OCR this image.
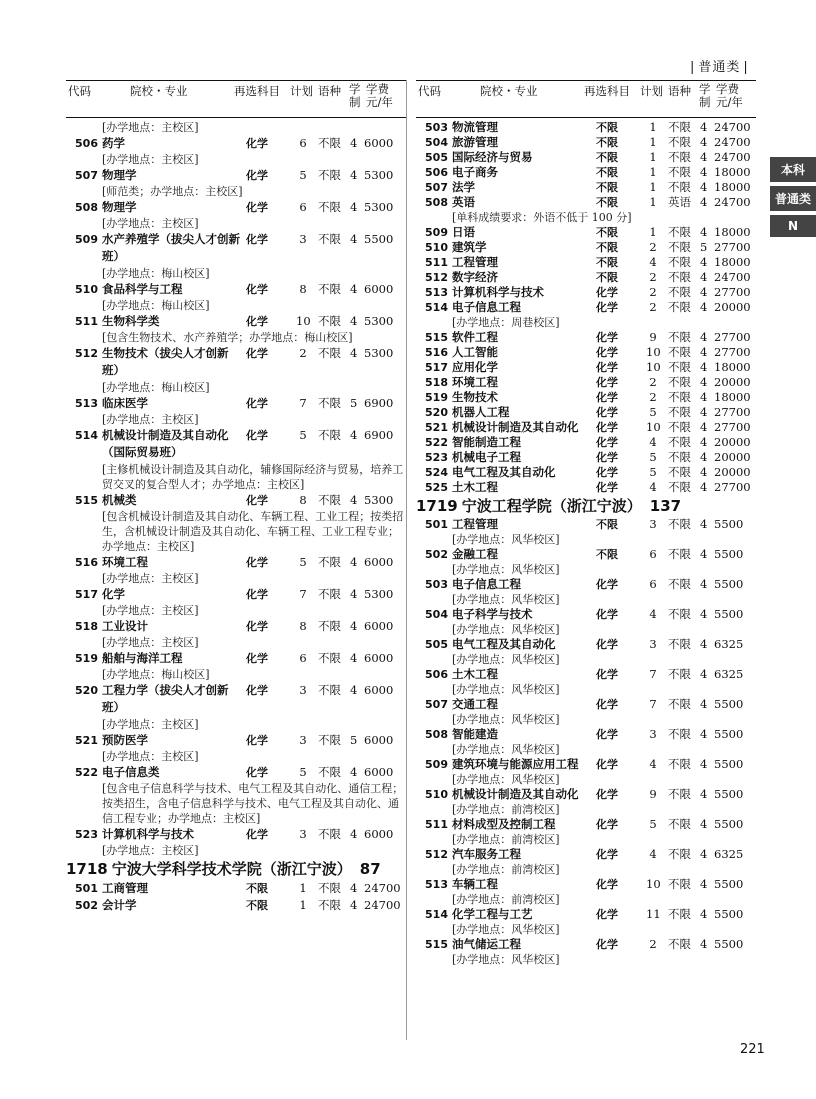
| 普通类 |
本科
普通类
N
代码	院校・专业	再选科目 计划 语种 学制
学费元/年
[办学地点：主校区]
506 药学	化学	6 不限 4 6000
[办学地点：主校区]
507 物理学	化学	5 不限 4 5300
[师范类；办学地点：主校区]
508 物理学	化学	6 不限 4 5300
[办学地点：主校区]
509 水产养殖学（拔尖人才创新班）
化学	3 不限 4 5500
[办学地点：梅山校区]
510 食品科学与工程	化学	8 不限 4 6000
[办学地点：梅山校区]
511 生物科学类	化学 10 不限 4 5300
[包含生物技术、水产养殖学；办学地点：梅山校区]
512 生物技术（拔尖人才创新班）
化学	2 不限 4 5300
[办学地点：梅山校区]
513 临床医学	化学	7 不限 5 6900
[办学地点：主校区]
514 机械设计制造及其自动化（国际贸易班）
化学	5 不限 4 6900
[主修机械设计制造及其自动化，辅修国际经济与贸易，培养工贸交叉的复合型人才；办学地点：主校区]
515 机械类	化学	8 不限 4 5300
[包含机械设计制造及其自动化、车辆工程、工业工程；按类招生，含机械设计制造及其自动化、车辆工程、工业工程专业；办学地点：主校区]
516 环境工程	化学	5 不限 4 6000
[办学地点：主校区]
517 化学	化学	7 不限 4 5300
[办学地点：主校区]
518 工业设计	化学	8 不限 4 6000
[办学地点：主校区]
519 船舶与海洋工程	化学	6 不限 4 6000
[办学地点：梅山校区]
520 工程力学（拔尖人才创新班）
化学	3 不限 4 6000
[办学地点：主校区]
521 预防医学	化学	3 不限 5 6000
[办学地点：主校区]
522 电子信息类	化学	5 不限 4 6000
[包含电子信息科学与技术、电气工程及其自动化、通信工程；按类招生，含电子信息科学与技术、电气工程及其自动化、通信工程专业；办学地点：主校区]
523 计算机科学与技术	化学	3 不限 4 6000
[办学地点：主校区]
1718 宁波大学科学技术学院（浙江宁波） 87
501 工商管理	不限	1 不限 4 24700
502 会计学	不限	1 不限 4 24700
代码	院校・专业	再选科目 计划 语种 学制
学费元/年
503 物流管理	不限	1 不限 4 24700
504 旅游管理	不限	1 不限 4 24700
505 国际经济与贸易	不限	1 不限 4 24700
506 电子商务	不限	1 不限 4 18000
507 法学	不限	1 不限 4 18000
508 英语	不限	1 英语 4 24700
[单科成绩要求：外语不低于 100 分]
509 日语	不限	1 不限 4 18000
510 建筑学	不限	2 不限 5 27700
511 工程管理	不限	4 不限 4 18000
512 数字经济	不限	2 不限 4 24700
513 计算机科学与技术	化学	2 不限 4 27700
514 电子信息工程	化学	2 不限 4 20000
[办学地点：周巷校区]
515 软件工程	化学	9 不限 4 27700
516 人工智能	化学 10 不限 4 27700
517 应用化学	化学 10 不限 4 18000
518 环境工程	化学	2 不限 4 20000
519 生物技术	化学	2 不限 4 18000
520 机器人工程	化学	5 不限 4 27700
521 机械设计制造及其自动化	化学 10 不限 4 27700
522 智能制造工程	化学	4 不限 4 20000
523 机械电子工程	化学	5 不限 4 20000
524 电气工程及其自动化	化学	5 不限 4 20000
525 土木工程	化学	4 不限 4 27700
1719 宁波工程学院（浙江宁波） 137
501 工程管理	不限	3 不限 4 5500
[办学地点：风华校区]
502 金融工程	不限	6 不限 4 5500
[办学地点：风华校区]
503 电子信息工程	化学	6 不限 4 5500
[办学地点：风华校区]
504 电子科学与技术	化学	4 不限 4 5500
[办学地点：风华校区]
505 电气工程及其自动化	化学	3 不限 4 6325
[办学地点：风华校区]
506 土木工程	化学	7 不限 4 6325
[办学地点：风华校区]
507 交通工程	化学	7 不限 4 5500
[办学地点：风华校区]
508 智能建造	化学	3 不限 4 5500
[办学地点：风华校区]
509 建筑环境与能源应用工程	化学	4 不限 4 5500
[办学地点：风华校区]
510 机械设计制造及其自动化	化学	9 不限 4 5500
[办学地点：前湾校区]
511 材料成型及控制工程	化学	5 不限 4 5500
[办学地点：前湾校区]
512 汽车服务工程	化学	4 不限 4 6325
[办学地点：前湾校区]
513 车辆工程	化学 10 不限 4 5500
[办学地点：前湾校区]
514 化学工程与工艺	化学 11 不限 4 5500
[办学地点：风华校区]
515 油气储运工程	化学	2 不限 4 5500
[办学地点：风华校区]
221
